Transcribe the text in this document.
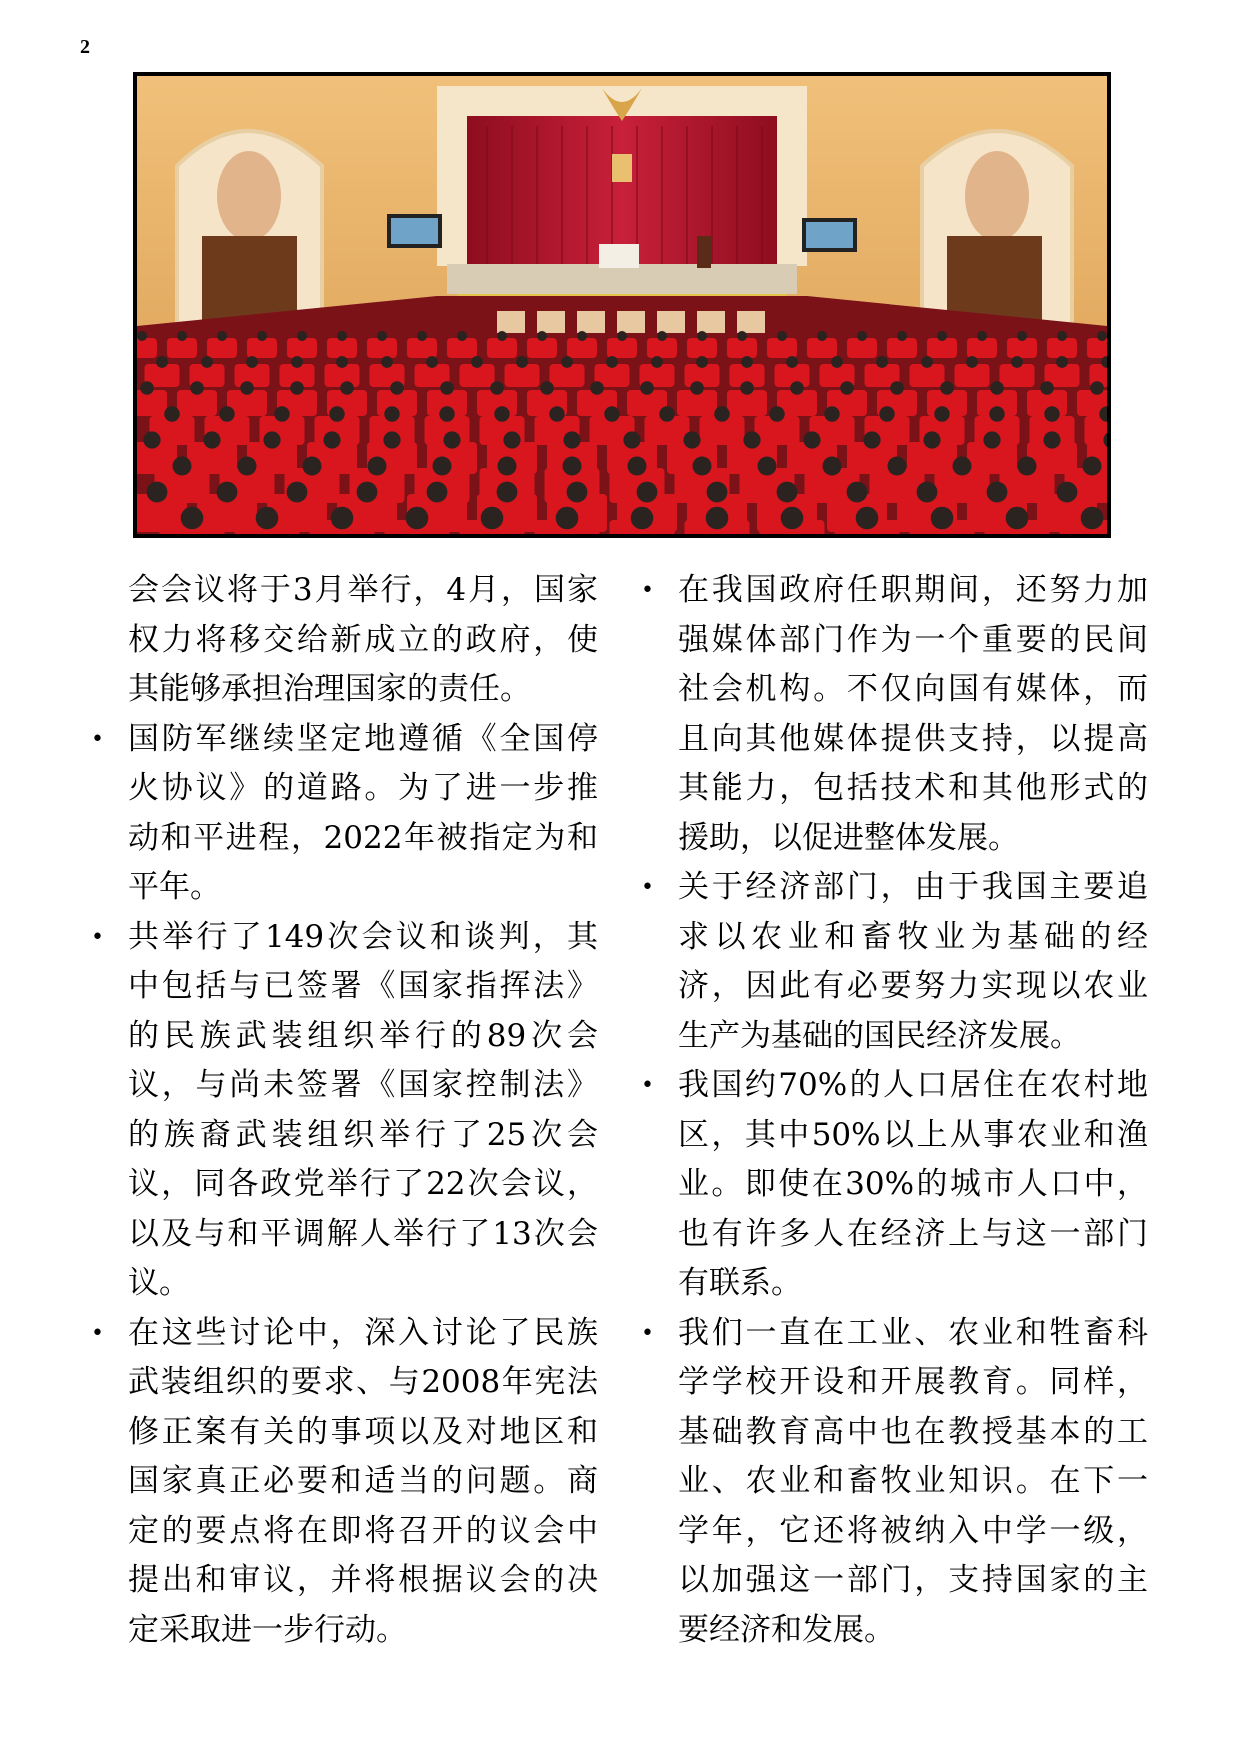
2
会会议将于3月举行，4月，国家
权力将移交给新成立的政府，使
其能够承担治理国家的责任。
• 国防军继续坚定地遵循《全国停
火协议》的道路。为了进一步推
动和平进程，2022年被指定为和
平年。
• 共举行了149次会议和谈判，其
中包括与已签署《国家指挥法》
的民族武装组织举行的89次会
议，与尚未签署《国家控制法》
的族裔武装组织举行了25次会
议，同各政党举行了22次会议，
以及与和平调解人举行了13次会
议。
• 在这些讨论中，深入讨论了民族
武装组织的要求、与2008年宪法
修正案有关的事项以及对地区和
国家真正必要和适当的问题。商
定的要点将在即将召开的议会中
提出和审议，并将根据议会的决
定采取进一步行动。
• 在我国政府任职期间，还努力加
强媒体部门作为一个重要的民间
社会机构。不仅向国有媒体，而
且向其他媒体提供支持，以提高
其能力，包括技术和其他形式的
援助，以促进整体发展。
• 关于经济部门，由于我国主要追
求以农业和畜牧业为基础的经
济，因此有必要努力实现以农业
生产为基础的国民经济发展。
• 我国约70%的人口居住在农村地
区，其中50%以上从事农业和渔
业。即使在30%的城市人口中，
也有许多人在经济上与这一部门
有联系。
• 我们一直在工业、农业和牲畜科
学学校开设和开展教育。同样，
基础教育高中也在教授基本的工
业、农业和畜牧业知识。在下一
学年，它还将被纳入中学一级，
以加强这一部门，支持国家的主
要经济和发展。
